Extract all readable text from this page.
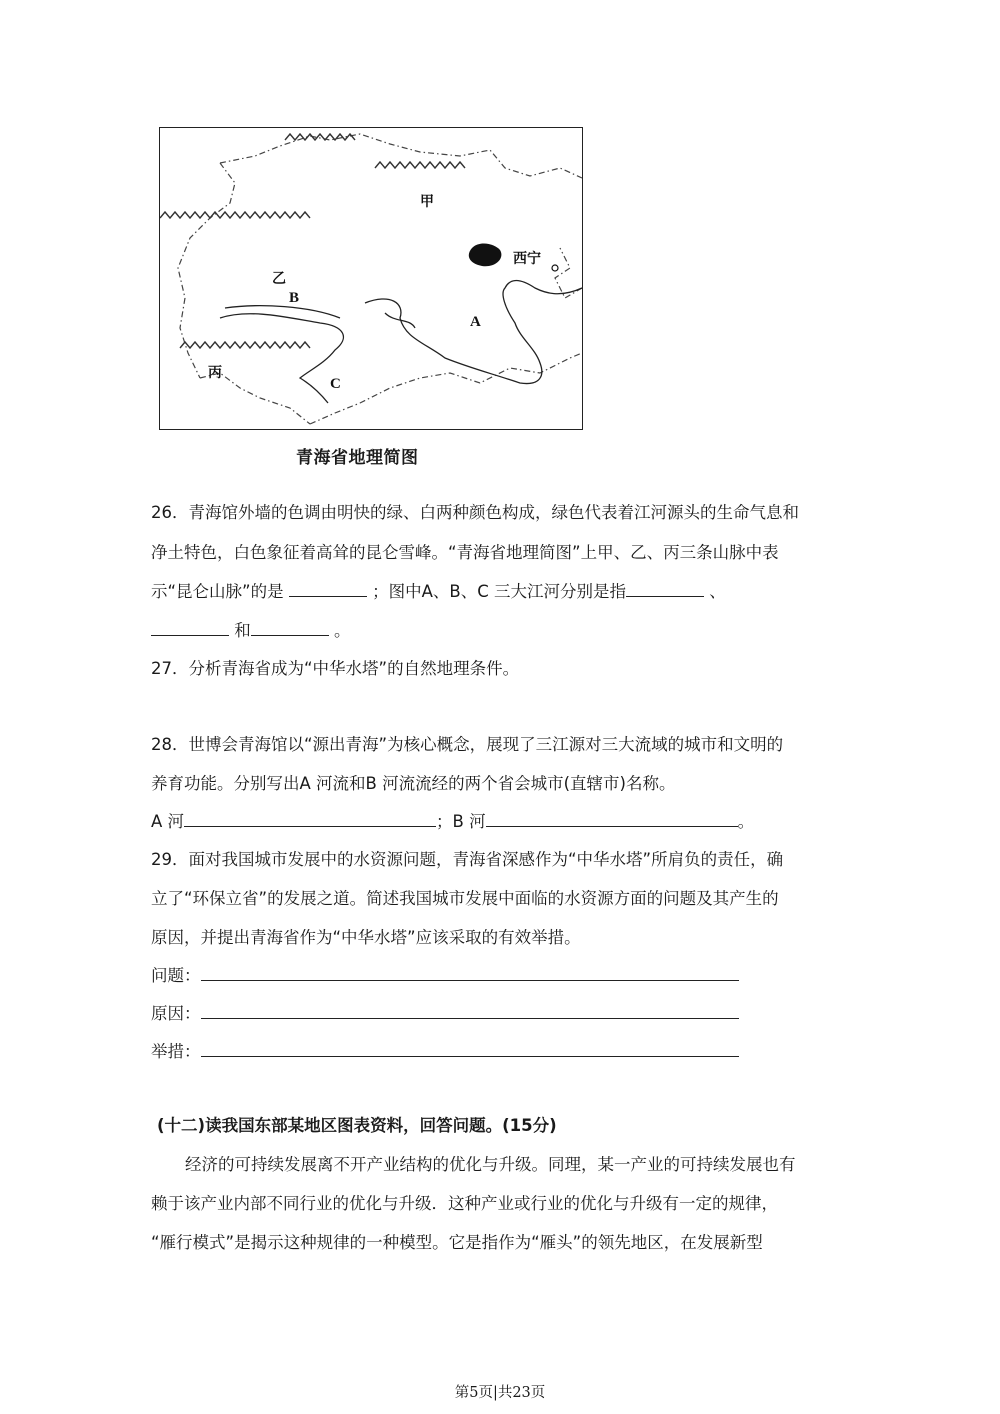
甲
西宁
乙
B
A
丙
C
青海省地理简图
26．青海馆外墙的色调由明快的绿、白两种颜色构成，绿色代表着江河源头的生命气息和
净土特色，白色象征着高耸的昆仑雪峰。“青海省地理简图”上甲、乙、丙三条山脉中表
示“昆仑山脉”的是	；图中A、B、C 三大江河分别是指	、
和	。
27．分析青海省成为“中华水塔”的自然地理条件。
28．世博会青海馆以“源出青海”为核心概念，展现了三江源对三大流域的城市和文明的
养育功能。分别写出A 河流和B 河流流经的两个省会城市(直辖市)名称。
A 河	；B 河	。
29．面对我国城市发展中的水资源问题，青海省深感作为“中华水塔”所肩负的责任，确
立了“环保立省”的发展之道。简述我国城市发展中面临的水资源方面的问题及其产生的
原因，并提出青海省作为“中华水塔”应该采取的有效举措。
问题：
原因：
举措：
(十二)读我国东部某地区图表资料，回答问题。(15分)
经济的可持续发展离不开产业结构的优化与升级。同理，某一产业的可持续发展也有
赖于该产业内部不同行业的优化与升级．这种产业或行业的优化与升级有一定的规律，
“雁行模式”是揭示这种规律的一种模型。它是指作为“雁头”的领先地区，在发展新型
第5页|共23页
